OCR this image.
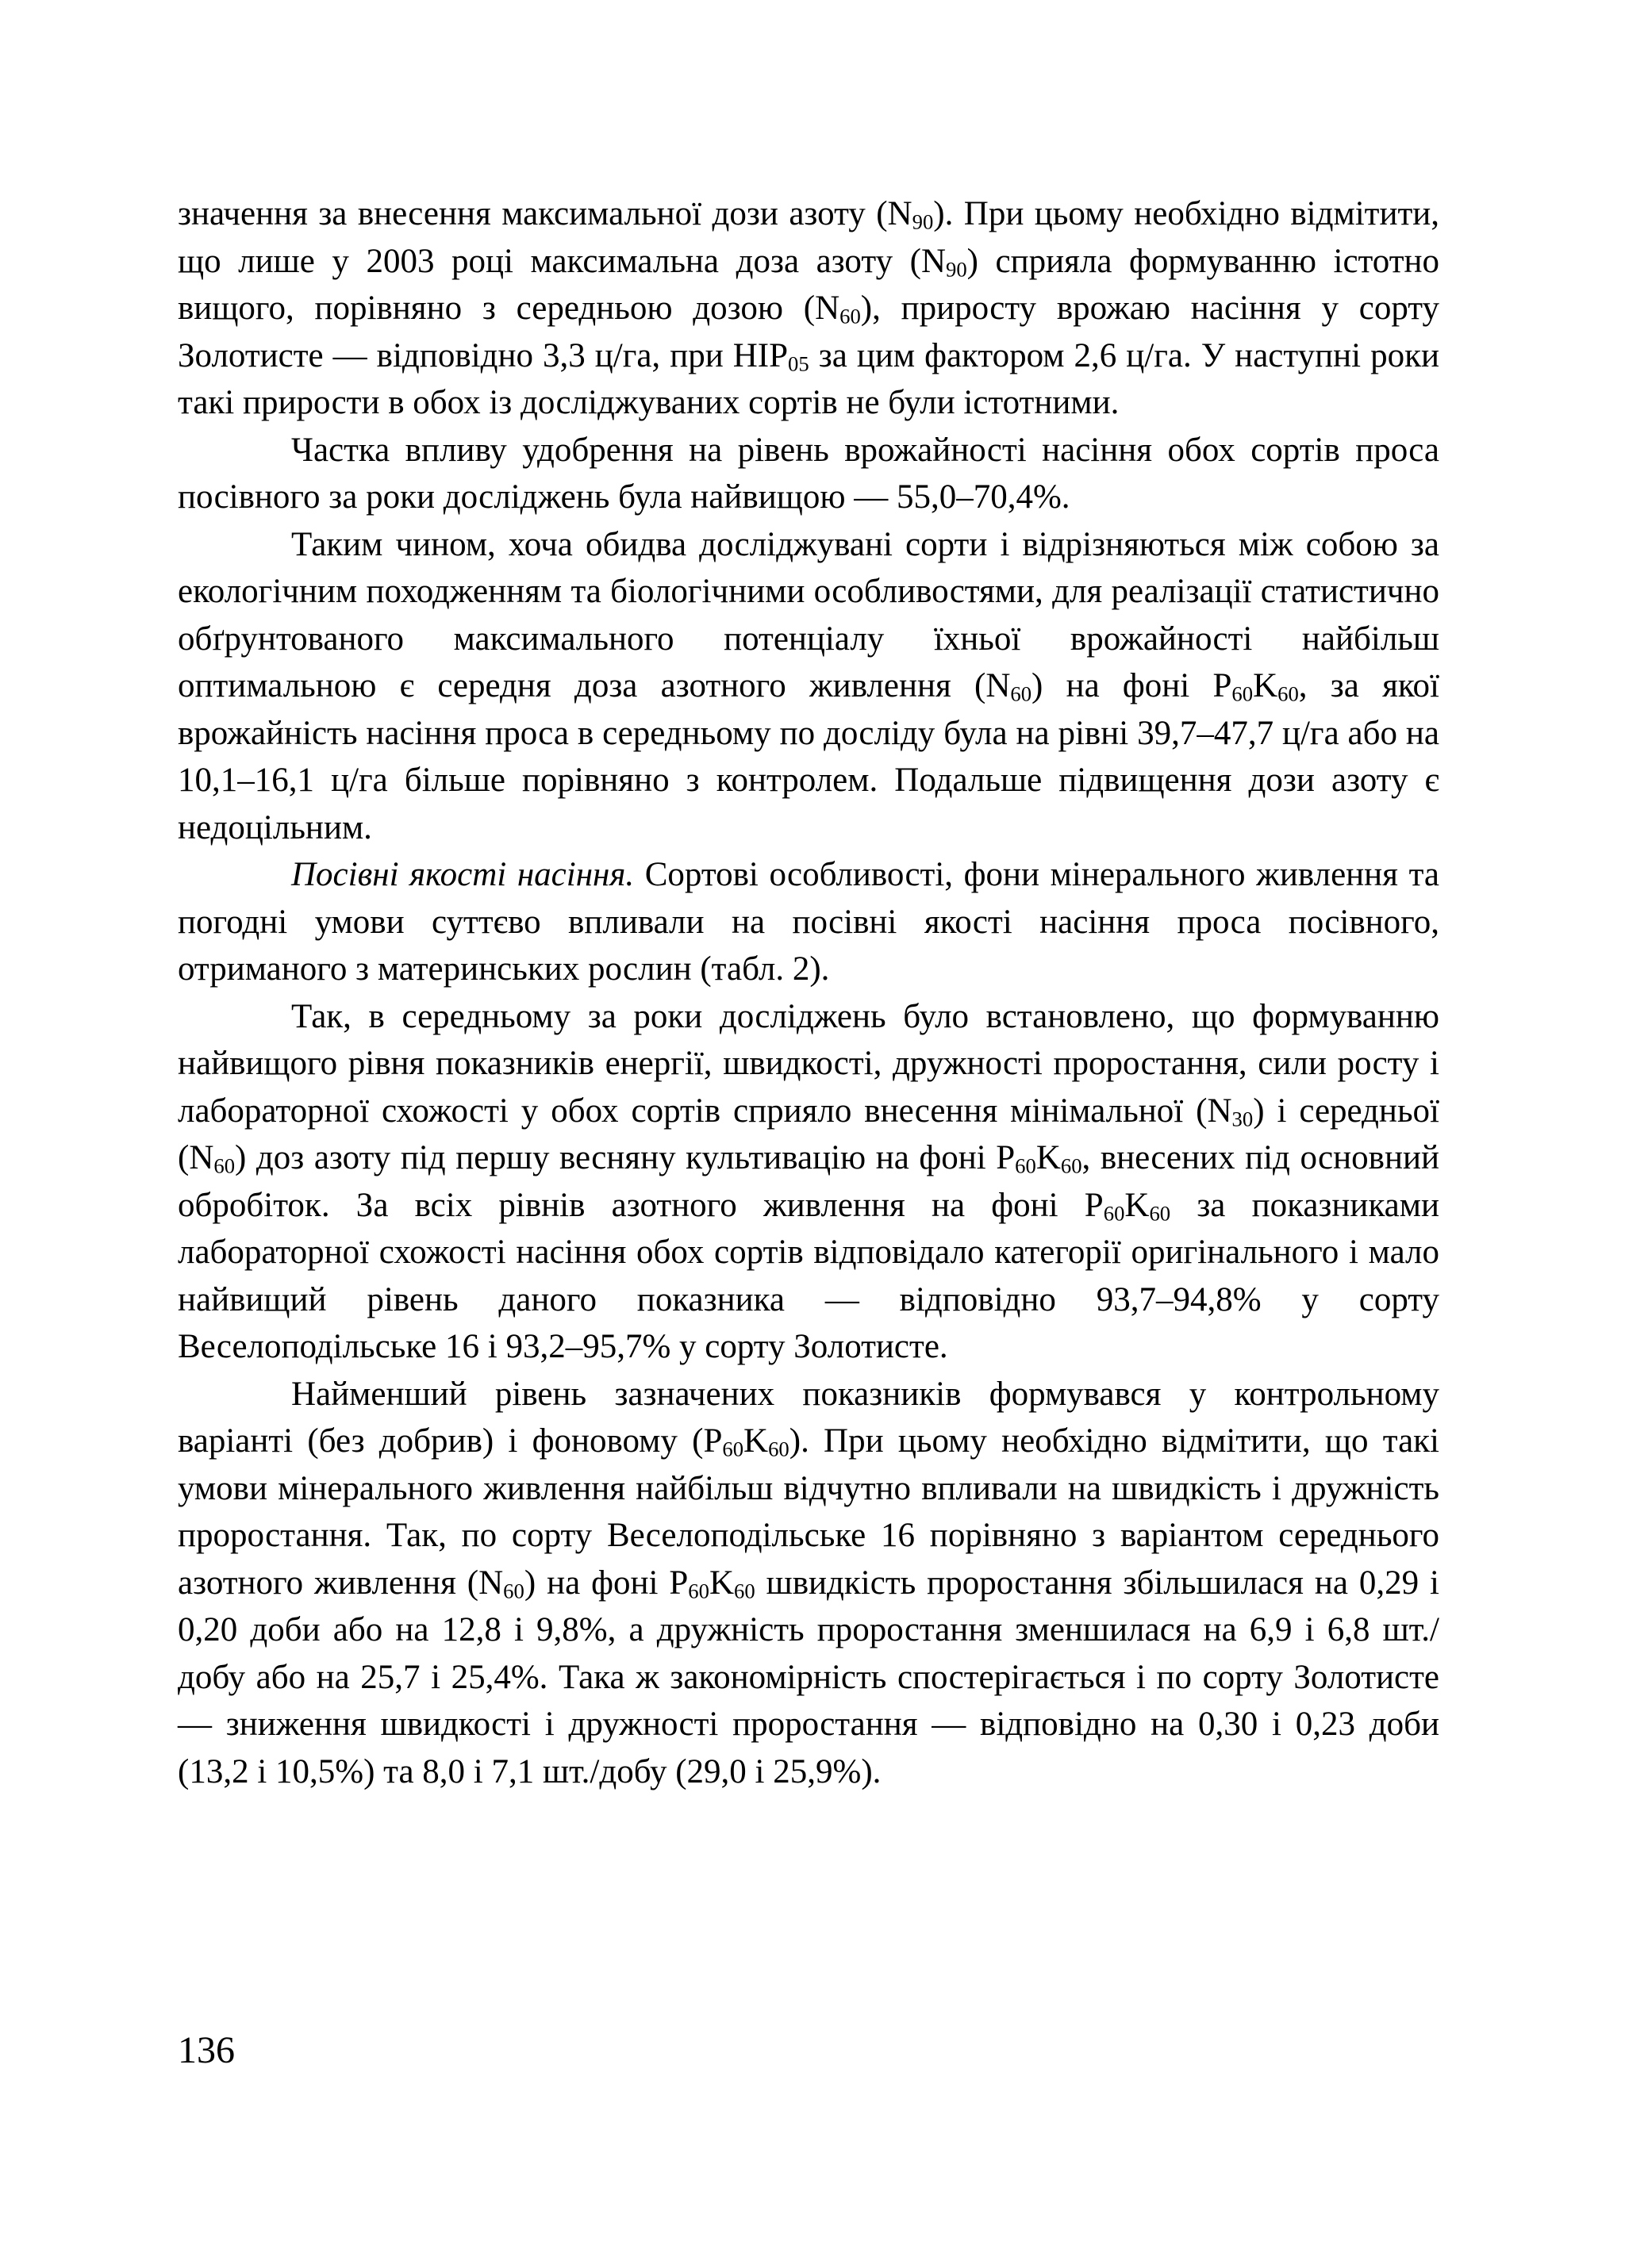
значення за внесення максимальної дози азоту $(N_{90})$. При цьому необхідно відмітити, що лише у 2003 році максимальна доза азоту $(N_{90})$ сприяла формуванню істотно вищого, порівняно з середньою дозою $(N_{60})$, приросту врожаю насіння у сорту Золотисте — відповідно 3,3 ц/га, при $НІР_{05}$ за цим фактором 2,6 ц/га. У наступні роки такі прирости в обох із досліджуваних сортів не були істотними.

Частка впливу удобрення на рівень врожайності насіння обох сортів проса посівного за роки досліджень була найвищою — 55,0–70,4%.

Таким чином, хоча обидва досліджувані сорти і відрізняються між собою за екологічним походженням та біологічними особливостями, для реалізації статистично обґрунтованого максимального потенціалу їхньої врожайності найбільш оптимальною є середня доза азотного живлення $(N_{60})$ на фоні $P_{60}K_{60}$, за якої врожайність насіння проса в середньому по досліду була на рівні 39,7–47,7 ц/га або на 10,1–16,1 ц/га більше порівняно з контролем. Подальше підвищення дози азоту є недоцільним.

Посівні якості насіння. Сортові особливості, фони мінерального живлення та погодні умови суттєво впливали на посівні якості насіння проса посівного, отриманого з материнських рослин (табл. 2).

Так, в середньому за роки досліджень було встановлено, що формуванню найвищого рівня показників енергії, швидкості, дружності проростання, сили росту і лабораторної схожості у обох сортів сприяло внесення мінімальної $(N_{30})$ і середньої $(N_{60})$ доз азоту під першу весняну культивацію на фоні $P_{60}K_{60}$, внесених під основний обробіток. За всіх рівнів азотного живлення на фоні $P_{60}K_{60}$ за показниками лабораторної схожості насіння обох сортів відповідало категорії оригінального і мало найвищий рівень даного показника — відповідно 93,7–94,8% у сорту Веселоподільське 16 і 93,2–95,7% у сорту Золотисте.

Найменший рівень зазначених показників формувався у контрольному варіанті (без добрив) і фоновому $(P_{60}K_{60})$. При цьому необхідно відмітити, що такі умови мінерального живлення найбільш відчутно впливали на швидкість і дружність проростання. Так, по сорту Веселоподільське 16 порівняно з варіантом середнього азотного живлення $(N_{60})$ на фоні $P_{60}K_{60}$ швидкість проростання збільшилася на 0,29 і 0,20 доби або на 12,8 і 9,8%, а дружність проростання зменшилася на 6,9 і 6,8 шт./добу або на 25,7 і 25,4%. Така ж закономірність спостерігається і по сорту Золотисте — зниження швидкості і дружності проростання — відповідно на 0,30 і 0,23 доби (13,2 і 10,5%) та 8,0 і 7,1 шт./добу (29,0 і 25,9%).

136
